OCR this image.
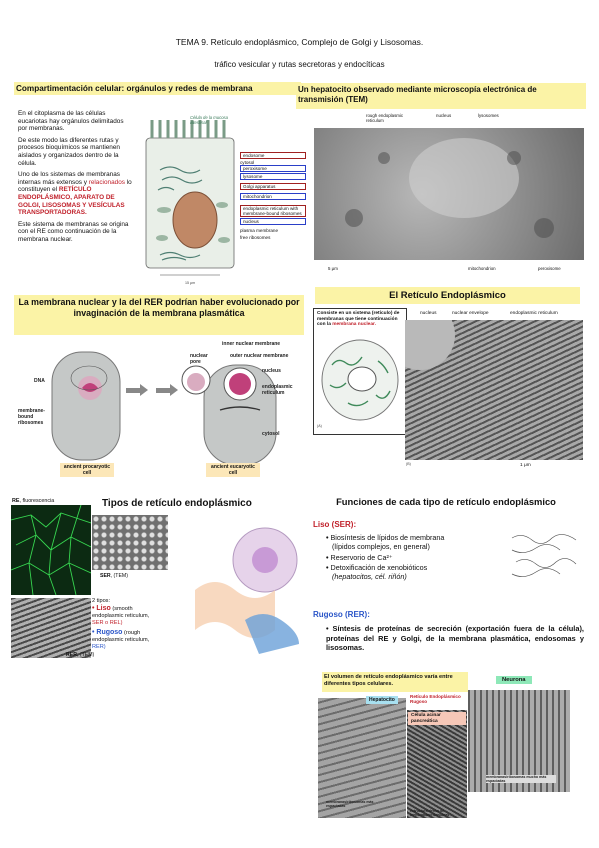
TEMA 9. Retículo endoplásmico, Complejo de Golgi y Lisosomas.
tráfico vesicular y rutas secretoras y endocíticas
Compartimentación celular: orgánulos y redes de membrana
En el citoplasma de las células eucariotas hay orgánulos delimitados por membranas.
De este modo las diferentes rutas y procesos bioquímicos se mantienen aislados y organizados dentro de la célula.
Uno de los sistemas de membranas internas más extensos y relacionados lo constituyen el RETÍCULO ENDOPLÁSMICO, APARATO DE GOLGI, LISOSOMAS Y VESÍCULAS TRANSPORTADORAS.
Este sistema de membranas se origina con el RE como continuación de la membrana nuclear.
Célula de la mucosa intestinal
15 μm
endosome
cytosol
peroxisome
lysosome
Golgi apparatus
mitochondrion
endoplasmic reticulum with membrane-bound ribosomes
nucleus
plasma membrane
free ribosomes
Un hepatocito observado mediante microscopía electrónica de transmisión (TEM)
rough endoplasmic reticulum
nucleus	lysosomes
5 μm	mitochondrion	peroxisome
La membrana nuclear y la del RER podrían haber evolucionado por invaginación de la membrana plasmática
DNA
membrane-bound ribosomes
inner nuclear membrane
nuclear pore
outer nuclear membrane
nucleus
endoplasmic reticulum
cytosol
ancient procaryotic cell
ancient eucaryotic cell
El Retículo Endoplásmico
Consiste en un sistema (retículo) de membranas que tiene continuación con la membrana nuclear.
(A)
nucleus	nuclear envelope	endoplasmic reticulum
(B)	1 μm
RE, fluorescencia	Tipos de retículo endoplásmico
SER, (TEM)
RER, (TEM)
2 tipos:
• Liso (smooth endoplasmic reticulum,
SER o REL)
• Rugoso (rough endoplasmic reticulum,
RER)
Funciones de cada tipo de retículo endoplásmico
Liso (SER):
• Biosíntesis de lípidos de membrana
(lípidos complejos, en general)
• Reservorio de Ca²⁺
• Detoxificación de xenobióticos
(hepatocitos, cél. riñón)
Rugoso (RER):
• Síntesis de proteínas de secreción (exportación fuera de la célula), proteínas del RE y Golgi, de la membrana plasmática, endosomas y lisosomas.
El volumen de retículo endoplásmico varía entre diferentes tipos celulares.
Neurona
Hepatocito
Retículo Endoplásmico Rugoso
Célula acinar pancreática
membranas/ribosomas más espaciadas
estructura densa de membranas/ribosomas
membranas/ribosomas mucho más espaciadas
